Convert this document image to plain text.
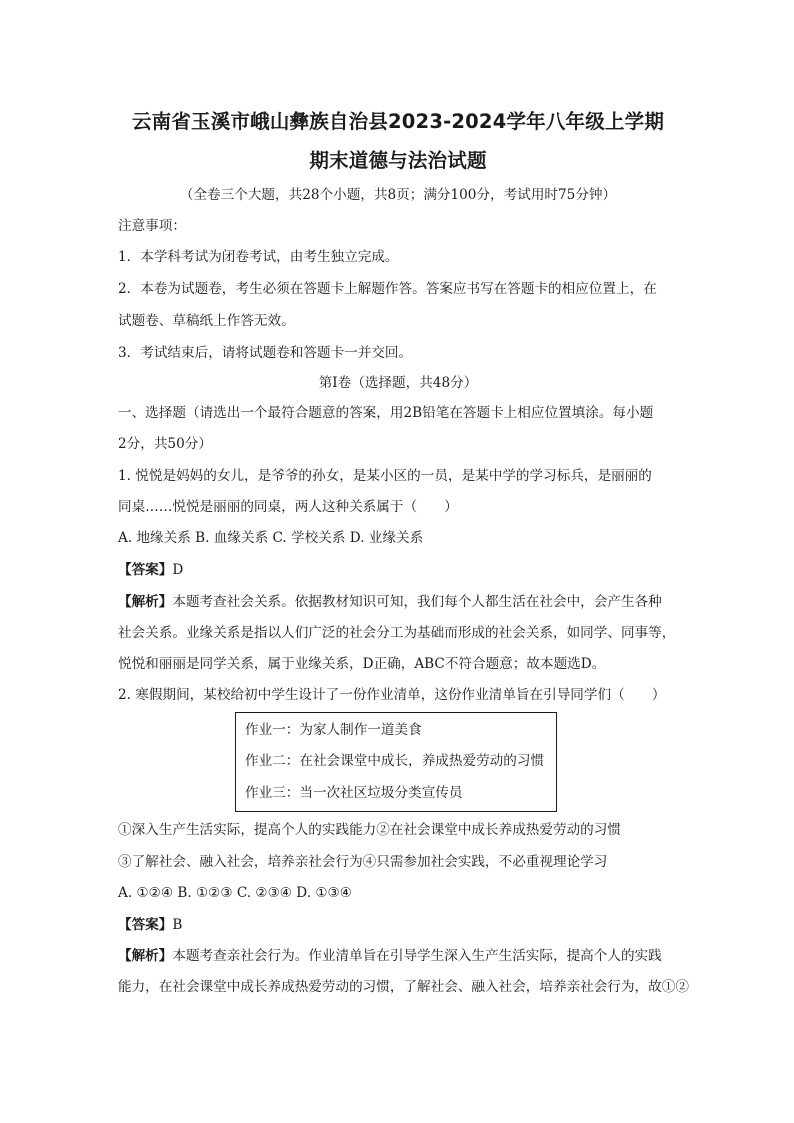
云南省玉溪市峨山彝族自治县2023-2024学年八年级上学期
期末道德与法治试题
（全卷三个大题，共28个小题，共8页；满分100分，考试用时75分钟）
注意事项：
1．本学科考试为闭卷考试，由考生独立完成。
2．本卷为试题卷，考生必须在答题卡上解题作答。答案应书写在答题卡的相应位置上，在
试题卷、草稿纸上作答无效。
3．考试结束后，请将试题卷和答题卡一并交回。
第Ⅰ卷（选择题，共48分）
一、选择题（请选出一个最符合题意的答案，用2B铅笔在答题卡上相应位置填涂。每小题
2分，共50分）
1. 悦悦是妈妈的女儿，是爷爷的孙女，是某小区的一员，是某中学的学习标兵，是丽丽的
同桌……悦悦是丽丽的同桌，两人这种关系属于（　　）
A. 地缘关系 B. 血缘关系 C. 学校关系 D. 业缘关系
【答案】D
【解析】本题考查社会关系。依据教材知识可知，我们每个人都生活在社会中，会产生各种
社会关系。业缘关系是指以人们广泛的社会分工为基础而形成的社会关系，如同学、同事等，
悦悦和丽丽是同学关系，属于业缘关系，D正确，ABC不符合题意；故本题选D。
2. 寒假期间，某校给初中学生设计了一份作业清单，这份作业清单旨在引导同学们（　　）
作业一：为家人制作一道美食
作业二：在社会课堂中成长，养成热爱劳动的习惯
作业三：当一次社区垃圾分类宣传员
①深入生产生活实际，提高个人的实践能力②在社会课堂中成长养成热爱劳动的习惯
③了解社会、融入社会，培养亲社会行为④只需参加社会实践，不必重视理论学习
A. ①②④ B. ①②③ C. ②③④ D. ①③④
【答案】B
【解析】本题考查亲社会行为。作业清单旨在引导学生深入生产生活实际，提高个人的实践
能力，在社会课堂中成长养成热爱劳动的习惯，了解社会、融入社会，培养亲社会行为，故①②
